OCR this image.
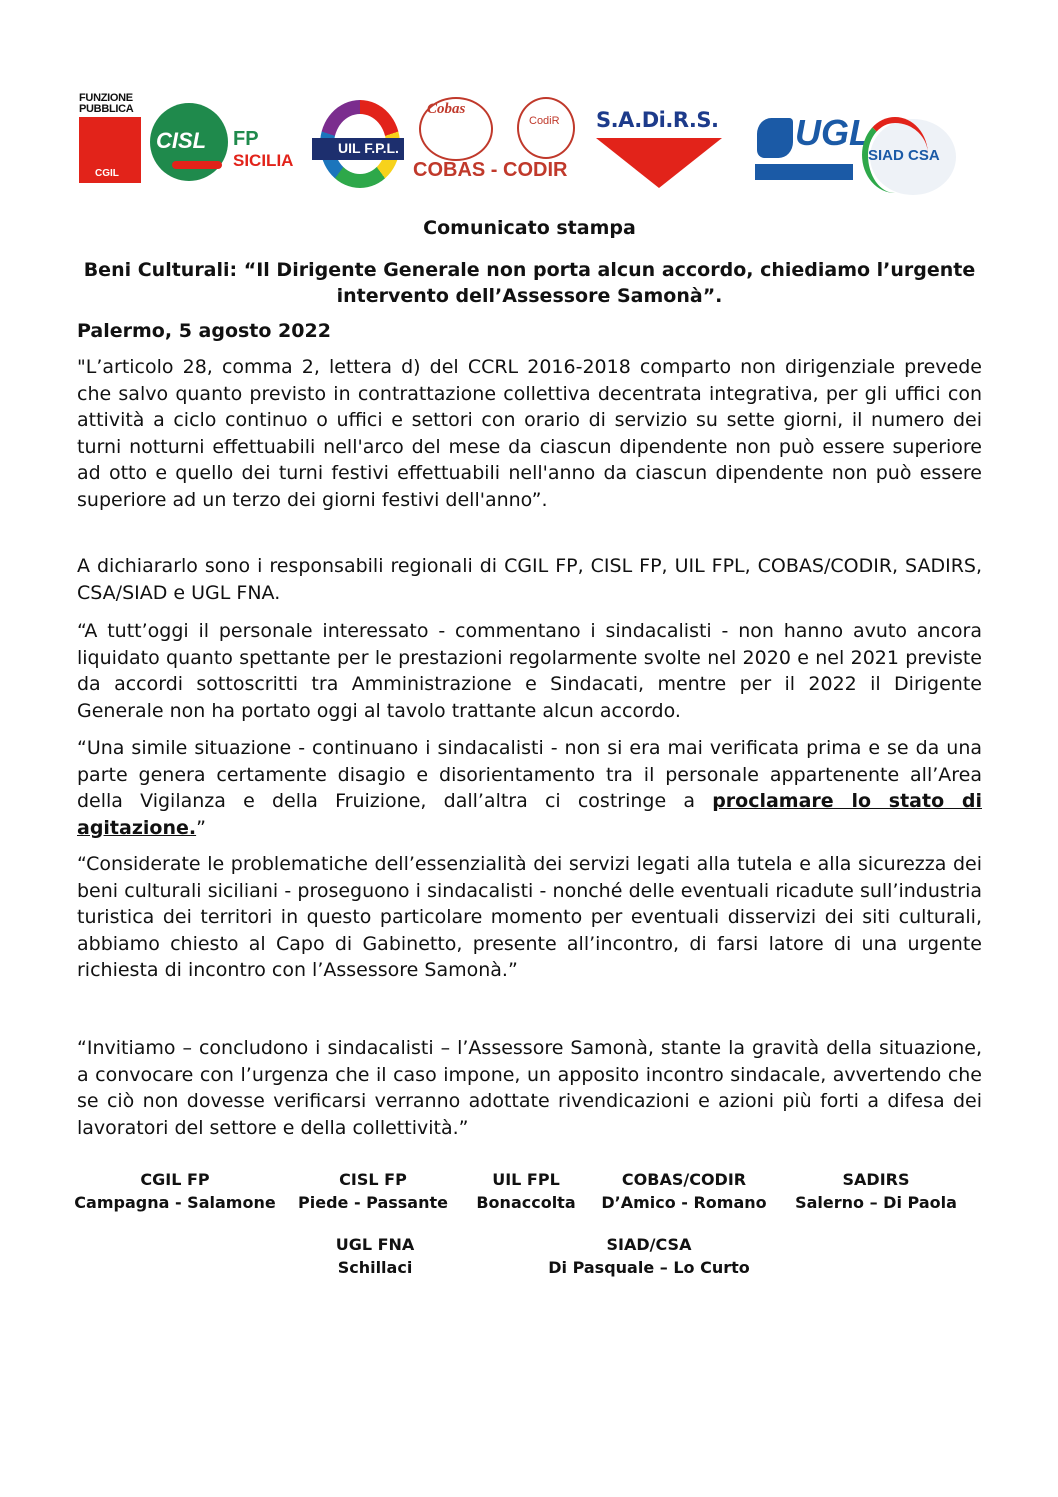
FUNZIONE PUBBLICA
CGIL
CISL FP
SICILIA
UIL F.P.L.
Cobas
CodiR
COBAS - CODIR
S.A.Di.R.S. UGL
SIAD CSA
Comunicato stampa
Beni Culturali: “Il Dirigente Generale non porta alcun accordo, chiediamo l’urgente intervento dell’Assessore Samonà”.
Palermo, 5 agosto 2022

"L’articolo 28, comma 2, lettera d) del CCRL 2016-2018 comparto non dirigenziale prevede che salvo quanto previsto in contrattazione collettiva decentrata integrativa, per gli uffici con attività a ciclo continuo o uffici e settori con orario di servizio su sette giorni, il numero dei turni notturni effettuabili nell'arco del mese da ciascun dipendente non può essere superiore ad otto e quello dei turni festivi effettuabili nell'anno da ciascun dipendente non può essere superiore ad un terzo dei giorni festivi dell'anno”.

A dichiararlo sono i responsabili regionali di CGIL FP, CISL FP, UIL FPL, COBAS/CODIR, SADIRS, CSA/SIAD e UGL FNA.

“A tutt’oggi il personale interessato - commentano i sindacalisti - non hanno avuto ancora liquidato quanto spettante per le prestazioni regolarmente svolte nel 2020 e nel 2021 previste da accordi sottoscritti tra Amministrazione e Sindacati, mentre per il 2022 il Dirigente Generale non ha portato oggi al tavolo trattante alcun accordo.

“Una simile situazione - continuano i sindacalisti - non si era mai verificata prima e se da una parte genera certamente disagio e disorientamento tra il personale appartenente all’Area della Vigilanza e della Fruizione, dall’altra ci costringe a proclamare lo stato di agitazione.”

“Considerate le problematiche dell’essenzialità dei servizi legati alla tutela e alla sicurezza dei beni culturali siciliani - proseguono i sindacalisti - nonché delle eventuali ricadute sull’industria turistica dei territori in questo particolare momento per eventuali disservizi dei siti culturali, abbiamo chiesto al Capo di Gabinetto, presente all’incontro, di farsi latore di una urgente richiesta di incontro con l’Assessore Samonà.”

“Invitiamo – concludono i sindacalisti – l’Assessore Samonà, stante la gravità della situazione, a convocare con l’urgenza che il caso impone, un apposito incontro sindacale, avvertendo che se ciò non dovesse verificarsi verranno adottate rivendicazioni e azioni più forti a difesa dei lavoratori del settore e della collettività.”

CGIL FP
Campagna - Salamone
CISL FP
Piede - Passante
UIL FPL
Bonaccolta
COBAS/CODIR
D’Amico - Romano
SADIRS
Salerno – Di Paola
UGL FNA
Schillaci
SIAD/CSA
Di Pasquale – Lo Curto
